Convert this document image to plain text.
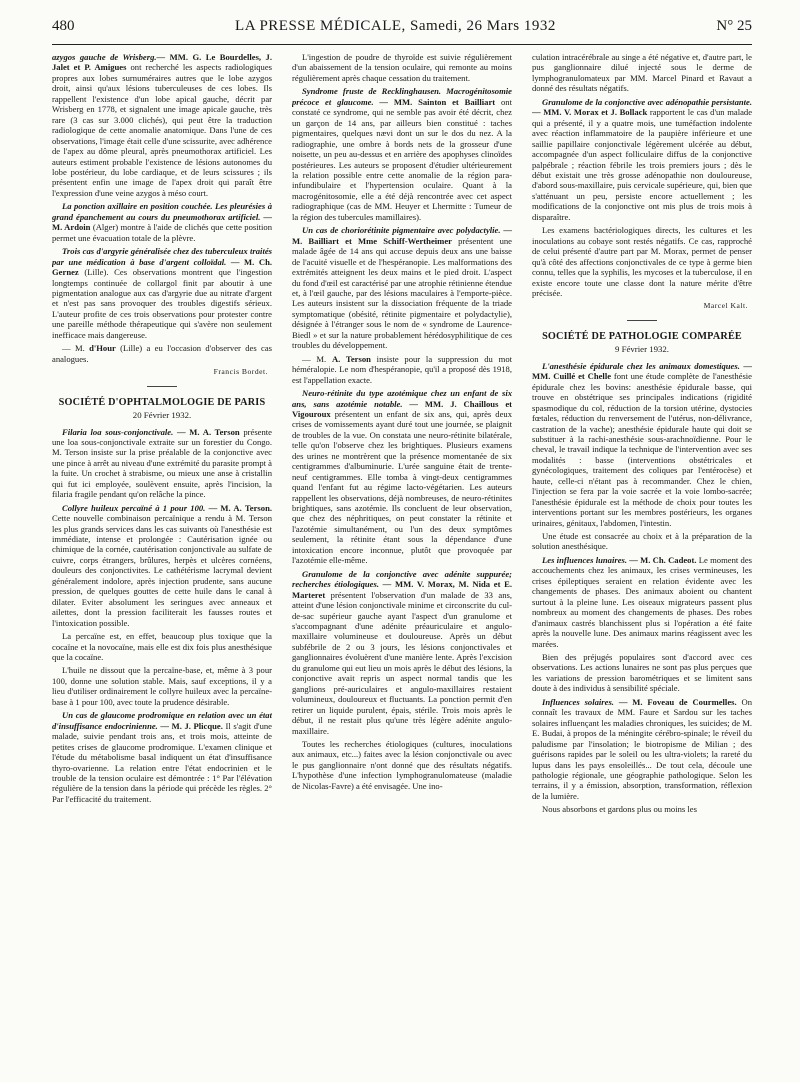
480	LA PRESSE MÉDICALE, Samedi, 26 Mars 1932	N° 25

azygos gauche de Wrisberg.— MM. G. Le Bourdelles, J. Jalet et P. Amigues ont recherché les aspects radiologiques propres aux lobes surnuméraires autres que le lobe azygos droit, ainsi qu'aux lésions tuberculeuses de ces lobes. Ils rappellent l'existence d'un lobe apical gauche, décrit par Wrisberg en 1778, et signalent une image apicale gauche, très rare (3 cas sur 3.000 clichés), qui peut être la traduction radiologique de cette anomalie anatomique. Dans l'une de ces observations, l'image était celle d'une scissurite, avec adhérence de l'apex au dôme pleural, après pneumothorax artificiel. Les auteurs estiment probable l'existence de lésions autonomes du lobe postérieur, du lobe cardiaque, et de leurs scissures ; ils présentent enfin une image de l'apex droit qui paraît être l'expression d'une veine azygos à méso court.

La ponction axillaire en position couchée. Les pleurésies à grand épanchement au cours du pneumothorax artificiel. — M. Ardoin (Alger) montre à l'aide de clichés que cette position permet une évacuation totale de la plèvre.

Trois cas d'argyrie généralisée chez des tuberculeux traités par une médication à base d'argent colloïdal. — M. Ch. Gernez (Lille). Ces observations montrent que l'ingestion longtemps continuée de collargol finit par aboutir à une pigmentation analogue aux cas d'argyrie due au nitrate d'argent et n'est pas sans provoquer des troubles digestifs sérieux. L'auteur profite de ces trois observations pour protester contre une pareille méthode thérapeutique qui s'avère non seulement inefficace mais dangereuse.

— M. d'Hour (Lille) a eu l'occasion d'observer des cas analogues.

Francis Bordet.
SOCIÉTÉ D'OPHTALMOLOGIE DE PARIS
20 Février 1932.

Filaria loa sous-conjonctivale. — M. A. Terson présente une loa sous-conjonctivale extraite sur un forestier du Congo. M. Terson insiste sur la prise préalable de la conjonctive avec une pince à arrêt au niveau d'une extrémité du parasite prompt à la fuite. Un crochet à strabisme, ou mieux une anse à cristallin qui fut ici employée, soulèvent ensuite, après l'incision, la filaria fragile pendant qu'on relâche la pince.

Collyre huileux percaïné à 1 pour 100. — M. A. Terson. Cette nouvelle combinaison percaïnique a rendu à M. Terson les plus grands services dans les cas suivants où l'anesthésie est immédiate, intense et prolongée : Cautérisation ignée ou chimique de la cornée, cautérisation conjonctivale au sulfate de cuivre, corps étrangers, brûlures, herpès et ulcères cornéens, douleurs des conjonctivites. Le cathétérisme lacrymal devient généralement indolore, après injection prudente, sans aucune pression, de quelques gouttes de cette huile dans le canal à dilater. Eviter absolument les seringues avec anneaux et ailettes, dont la pression faciliterait les fausses routes et l'intoxication possible.

La percaïne est, en effet, beaucoup plus toxique que la cocaïne et la novocaïne, mais elle est dix fois plus anesthésique que la cocaïne.

L'huile ne dissout que la percaïne-base, et, même à 3 pour 100, donne une solution stable. Mais, sauf exceptions, il y a lieu d'utiliser ordinairement le collyre huileux avec la percaïne-base à 1 pour 100, avec toute la prudence désirable.

Un cas de glaucome prodromique en relation avec un état d'insuffisance endocrinienne. — M. J. Plicque. Il s'agit d'une malade, suivie pendant trois ans, et trois mois, atteinte de petites crises de glaucome prodromique. L'examen clinique et l'étude du métabolisme basal indiquent un état d'insuffisance thyro-ovarienne. La relation entre l'état endocrinien et le trouble de la tension oculaire est démontrée : 1° Par l'élévation régulière de la tension dans la période qui précède les règles. 2° Par l'efficacité du traitement.

L'ingestion de poudre de thyroïde est suivie régulièrement d'un abaissement de la tension oculaire, qui remonte au moins régulièrement après chaque cessation du traitement.

Syndrome fruste de Recklinghausen. Macrogénitosomie précoce et glaucome. — MM. Sainton et Bailliart ont constaté ce syndrome, qui ne semble pas avoir été décrit, chez un garçon de 14 ans, par ailleurs bien constitué : taches pigmentaires, quelques nævi dont un sur le dos du nez. A la radiographie, une ombre à bords nets de la grosseur d'une noisette, un peu au-dessus et en arrière des apophyses clinoïdes postérieures. Les auteurs se proposent d'étudier ultérieurement la relation possible entre cette anomalie de la région para-infundibulaire et l'hypertension oculaire. Quant à la macrogénitosomie, elle a été déjà rencontrée avec cet aspect radiographique (cas de MM. Heuyer et Lhermitte : Tumeur de la région des tubercules mamillaires).

Un cas de choriorétinite pigmentaire avec polydactylie. — M. Bailliart et Mme Schiff-Wertheimer présentent une malade âgée de 14 ans qui accuse depuis deux ans une baisse de l'acuité visuelle et de l'hespéranopie. Les malformations des extrémités atteignent les deux mains et le pied droit. L'aspect du fond d'œil est caractérisé par une atrophie rétinienne étendue et, à l'œil gauche, par des lésions maculaires à l'emporte-pièce. Les auteurs insistent sur la dissociation fréquente de la triade symptomatique (obésité, rétinite pigmentaire et polydactylie), désignée à l'étranger sous le nom de « syndrome de Laurence-Biedl » et sur la nature probablement hérédosyphilitique de ces troubles du développement.

— M. A. Terson insiste pour la suppression du mot héméralopie. Le nom d'hespéranopie, qu'il a proposé dès 1918, est l'appellation exacte.

Neuro-rétinite du type azotémique chez un enfant de six ans, sans azotémie notable. — MM. J. Chaillous et Vigouroux présentent un enfant de six ans, qui, après deux crises de vomissements ayant duré tout une journée, se plaignit de troubles de la vue. On constata une neuro-rétinite bilatérale, telle qu'on l'observe chez les brightiques. Plusieurs examens des urines ne montrèrent que la présence momentanée de six centigrammes d'albuminurie. L'urée sanguine était de trente-neuf centigrammes. Elle tomba à vingt-deux centigrammes quand l'enfant fut au régime lacto-végétarien. Les auteurs rappellent les observations, déjà nombreuses, de neuro-rétinites brightiques, sans azotémie. Ils concluent de leur observation, que chez des néphritiques, on peut constater la rétinite et l'azotémie simultanément, ou l'un des deux symptômes seulement, la rétinite étant sous la dépendance d'une intoxication encore inconnue, plutôt que provoquée par l'azotémie elle-même.

Granulome de la conjonctive avec adénite suppurée; recherches étiologiques. — MM. V. Morax, M. Nida et E. Marteret présentent l'observation d'un malade de 33 ans, atteint d'une lésion conjonctivale minime et circonscrite du cul-de-sac supérieur gauche ayant l'aspect d'un granulome et s'accompagnant d'une adénite préauriculaire et angulo-maxillaire volumineuse et douloureuse. Après un début subfébrile de 2 ou 3 jours, les lésions conjonctivales et ganglionnaires évoluèrent d'une manière lente. Après l'excision du granulome qui eut lieu un mois après le début des lésions, la conjonctive avait repris un aspect normal tandis que les ganglions pré-auriculaires et angulo-maxillaires restaient volumineux, douloureux et fluctuants. La ponction permit d'en retirer un liquide purulent, épais, stérile. Trois mois après le début, il ne restait plus qu'une très légère adénite angulo-maxillaire.

Toutes les recherches étiologiques (cultures, inoculations aux animaux, etc...) faites avec la lésion conjonctivale ou avec le pus ganglionnaire n'ont donné que des résultats négatifs. L'hypothèse d'une infection lymphogranulomateuse (maladie de Nicolas-Favre) a été envisagée. Une ino-

culation intracérébrale au singe a été négative et, d'autre part, le pus ganglionnaire dilué injecté sous le derme de lymphogranulomateux par MM. Marcel Pinard et Ravaut a donné des résultats négatifs.

Granulome de la conjonctive avec adénopathie persistante. — MM. V. Morax et J. Bollack rapportent le cas d'un malade qui a présenté, il y a quatre mois, une tuméfaction indolente avec réaction inflammatoire de la paupière inférieure et une saillie papillaire conjonctivale légèrement ulcérée au début, accompagnée d'un aspect folliculaire diffus de la conjonctive palpébrale ; réaction fébrile les trois premiers jours ; dès le début existait une très grosse adénopathie non douloureuse, d'abord sous-maxillaire, puis cervicale supérieure, qui, bien que s'atténuant un peu, persiste encore actuellement ; les modifications de la conjonctive ont mis plus de trois mois à disparaître.

Les examens bactériologiques directs, les cultures et les inoculations au cobaye sont restés négatifs. Ce cas, rapproché de celui présenté d'autre part par M. Morax, permet de penser qu'à côté des affections conjonctivales de ce type à germe bien connu, telles que la syphilis, les mycoses et la tuberculose, il en existe encore toute une classe dont la nature mérite d'être précisée.

Marcel Kalt.
SOCIÉTÉ DE PATHOLOGIE COMPARÉE
9 Février 1932.

L'anesthésie épidurale chez les animaux domestiques. — MM. Cuillé et Chelle font une étude complète de l'anesthésie épidurale chez les bovins: anesthésie épidurale basse, qui trouve en obstétrique ses principales indications (rigidité spasmodique du col, réduction de la torsion utérine, dystocies fœtales, réduction du renversement de l'utérus, non-délivrance, castration de la vache); anesthésie épidurale haute qui doit se substituer à la rachi-anesthésie sous-arachnoïdienne. Pour le cheval, le travail indique la technique de l'intervention avec ses modalités : basse (interventions obstétricales et gynécologiques, traitement des coliques par l'entérocèse) et haute, celle-ci n'étant pas à recommander. Chez le chien, l'injection se fera par la voie sacrée et la voie lombo-sacrée; l'anesthésie épidurale est la méthode de choix pour toutes les interventions portant sur les membres postérieurs, les organes urinaires, génitaux, l'abdomen, l'intestin.

Une étude est consacrée au choix et à la préparation de la solution anesthésique.

Les influences lunaires. — M. Ch. Cadeot. Le moment des accouchements chez les animaux, les crises vermineuses, les crises épileptiques seraient en relation évidente avec les changements de phases. Des animaux aboient ou chantent surtout à la pleine lune. Les oiseaux migrateurs passent plus nombreux au moment des changements de phases. Des robes d'animaux castrés blanchissent plus si l'opération a été faite après la nouvelle lune. Des animaux marins réagissent avec les marées.

Bien des préjugés populaires sont d'accord avec ces observations. Les actions lunaires ne sont pas plus perçues que les variations de pression barométriques et se limitent sans doute à des individus à sensibilité spéciale.

Influences solaires. — M. Foveau de Courmelles. On connaît les travaux de MM. Faure et Sardou sur les taches solaires influençant les maladies chroniques, les suicides; de M. E. Budai, à propos de la méningite cérébro-spinale; le réveil du paludisme par l'insolation; le biotropisme de Milian ; des guérisons rapides par le soleil ou les ultra-violets; la rareté du lupus dans les pays ensoleillés... De tout cela, découle une pathologie régionale, une géographie pathologique. Selon les terrains, il y a émission, absorption, transformation, réflexion de la lumière.

Nous absorbons et gardons plus ou moins les
